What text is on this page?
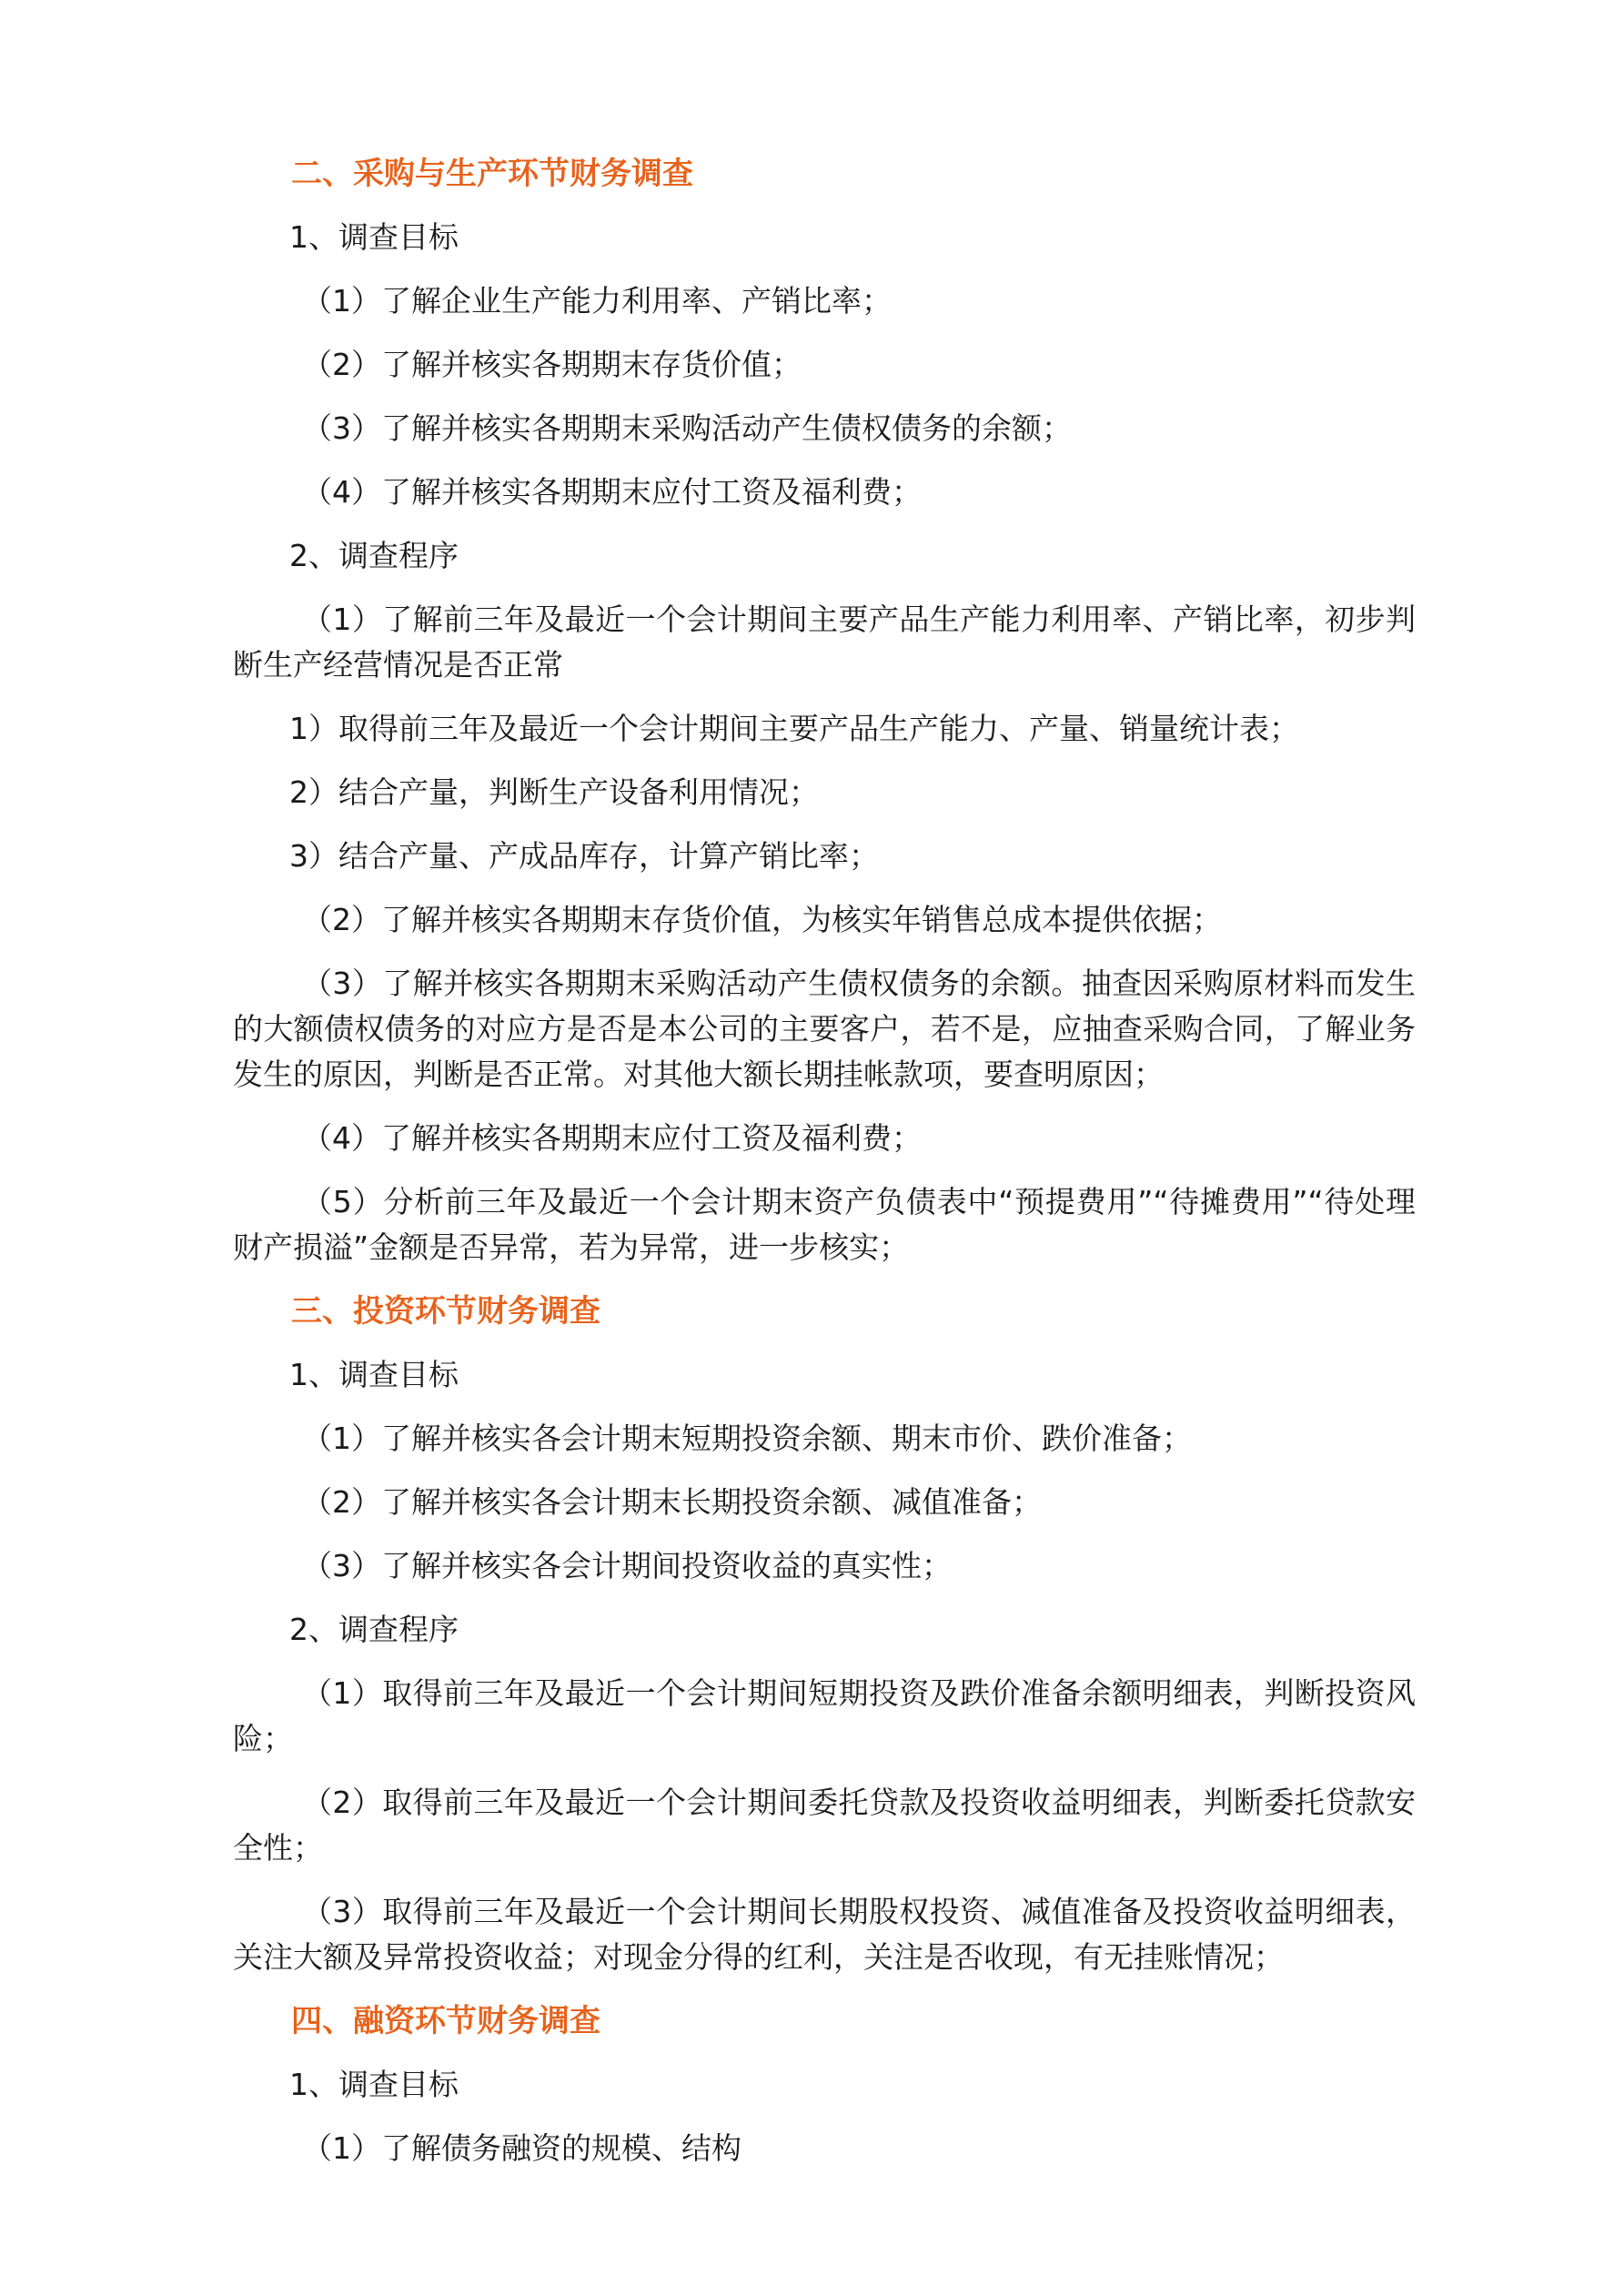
二、采购与生产环节财务调查
1、调查目标
（1）了解企业生产能力利用率、产销比率；
（2）了解并核实各期期末存货价值；
（3）了解并核实各期期末采购活动产生债权债务的余额；
（4）了解并核实各期期末应付工资及福利费；
2、调查程序
（1）了解前三年及最近一个会计期间主要产品生产能力利用率、产销比率，初步判断生产经营情况是否正常
1）取得前三年及最近一个会计期间主要产品生产能力、产量、销量统计表；
2）结合产量，判断生产设备利用情况；
3）结合产量、产成品库存，计算产销比率；
（2）了解并核实各期期末存货价值，为核实年销售总成本提供依据；
（3）了解并核实各期期末采购活动产生债权债务的余额。抽查因采购原材料而发生的大额债权债务的对应方是否是本公司的主要客户，若不是，应抽查采购合同，了解业务发生的原因，判断是否正常。对其他大额长期挂帐款项，要查明原因；
（4）了解并核实各期期末应付工资及福利费；
（5）分析前三年及最近一个会计期末资产负债表中“预提费用”“待摊费用”“待处理财产损溢”金额是否异常，若为异常，进一步核实；
三、投资环节财务调查
1、调查目标
（1）了解并核实各会计期末短期投资余额、期末市价、跌价准备；
（2）了解并核实各会计期末长期投资余额、减值准备；
（3）了解并核实各会计期间投资收益的真实性；
2、调查程序
（1）取得前三年及最近一个会计期间短期投资及跌价准备余额明细表，判断投资风险；
（2）取得前三年及最近一个会计期间委托贷款及投资收益明细表，判断委托贷款安全性；
（3）取得前三年及最近一个会计期间长期股权投资、减值准备及投资收益明细表，关注大额及异常投资收益；对现金分得的红利，关注是否收现，有无挂账情况；
四、融资环节财务调查
1、调查目标
（1）了解债务融资的规模、结构
